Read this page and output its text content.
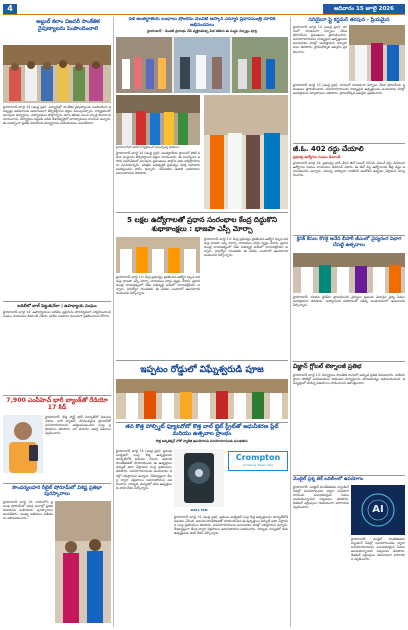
4	ఆదివారం 15 జూలై 2026
అబ్దుల్ కలాం విజనరీ సాంకేతిక నైపుణ్యాలను పెంపొందించాలి
హైదరాబాద్ జూలై 14 (ఆంధ్ర ప్రభ): విద్యార్థుల్లో సాంకేతిక నైపుణ్యాలను పెంపొందించి భవిష్యత్తు అవసరాలకు అనుగుణంగా తీర్చిదిద్దాలని వక్తలు పిలుపునిచ్చారు. కార్యక్రమంలో పలువురు విద్యార్థులు, అధ్యాపకులు పాల్గొన్నారు. కలాం జీవితం నుంచి స్ఫూర్తి పొందాలని సూచించారు. విద్యార్థులు కష్టపడి చదివి దేశాభివృద్ధిలో భాగస్వాములు కావాలని అన్నారు. ఈ సందర్భంగా ప్రతిభ కనబరిచిన విద్యార్థులకు బహుమతులు అందజేశారు.
బదిలీలో బాల్ పెట్టుకునేలా | ఉపాధ్యాయ సంఘం
హైదరాబాద్ జూలై 14: ఉపాధ్యాయుల బదిలీల ప్రక్రియను పారదర్శకంగా నిర్వహించాలని సంఘం నాయకులు డిమాండ్ చేశారు. ఖాళీల వివరాలు ముందుగా ప్రకటించాలని కోరారు.
7,900 ఎంపీహెచ్ భారీ బ్యాంక్‌తో రేడియో 17 కిడ్
హైదరాబాద్: కొత్త స్మార్ట్ ఫోన్ మార్కెట్‌లో విడుదల చేశారు. భారీ బ్యాటరీ, వేగవంతమైన ప్రాసెసర్‌తో వినియోగదారులను ఆకట్టుకుంటుందని సంస్థ ప్రతినిధులు తెలిపారు. ధర మరియు ఆఫర్ల వివరాలు వెల్లడించారు.
సౌందర్యలహరి రీటైల్ షోరూమ్‌లో విశిష్ట ప్రతిభా పురస్కారాలు
హైదరాబాద్ జూలై 14: నగరంలోని ప్రముఖ షోరూమ్‌లో వివిధ రంగాల్లో ప్రతిభ కనబరిచిన మహిళలకు పురస్కారాలు అందజేశారు. ముఖ్య అతిథులు విజేతలను అభినందించారు.
దళ అంతర్జాతీయ బంధాలు షోంలేను మొదటి ఆస్కార్ ఎమ్మార్ ప్రధానమంత్రి మోదీకి అభినందనలు
హైదరాబాద్ - మొదటి ప్రారంభం చేసే వ్యక్తిగతనిచ్చి పేరు కలిపిన ఈ సంస్థల ఏర్పాట్లు పూర్తి
హైదరాబాద్‌లో జరిగిన కార్యక్రమంలో ప్రసంగిస్తున్న అతిథులు
హైదరాబాద్ జూలై 14 (ఆంధ్ర ప్రభ): అంతర్జాతీయ స్థాయిలో పోటీ పడేలా సంస్థలను తీర్చిదిద్దాలని వక్తలు సూచించారు. ఈ సందర్భంగా జరిగిన సమావేశంలో పలువురు ప్రముఖులు పాల్గొని తమ అభిప్రాయాలను పంచుకున్నారు. పరిశ్రమ అభివృద్ధికి ప్రభుత్వం పూర్తి సహకారం అందిస్తుందని హామీ ఇచ్చారు. యువతకు ఉపాధి అవకాశాలు పెరుగుతాయని తెలిపారు.
5 లక్షల ఉద్యోగాలతో ప్రధాన సంరంభాల కేంద్ర దిద్దుకొని శుభాకాంక్షలు : భాజపా ఎస్సీ మోర్చా
హైదరాబాద్ జూలై 14: కేంద్ర ప్రభుత్వం ప్రకటించిన ఉద్యోగ కల్పన పథకంపై భాజపా ఎస్సీ మోర్చా నాయకులు హర్షం వ్యక్తం చేశారు. ప్రధానమంత్రి నాయకత్వంలో దేశం అభివృద్ధి పథంలో దూసుకెళ్తోందని అన్నారు. నిరుద్యోగ యువతకు ఈ పథకం ఎంతగానో ఉపయోగపడుతుందని పేర్కొన్నారు.
హైదరాబాద్ జూలై 14: కేంద్ర ప్రభుత్వం ప్రకటించిన ఉద్యోగ కల్పన పథకంపై భాజపా ఎస్సీ మోర్చా నాయకులు హర్షం వ్యక్తం చేశారు. ప్రధానమంత్రి నాయకత్వంలో దేశం అభివృద్ధి పథంలో దూసుకెళ్తోందని అన్నారు. నిరుద్యోగ యువతకు ఈ పథకం ఎంతగానో ఉపయోగపడుతుందని పేర్కొన్నారు.
ఇప్పటం రోడ్డులో విఘ్నేశ్వరుడి పూజ
తన కొత్త హాల్స్మిట్ ఫ్యూటరోటో కొత్త వాల్ బ్లైట్ స్ట్రీట్‌తో ఆధునీకరణ ప్లేట్ మరియు ఉత్సవాల ప్రాంభం
కొత్త ఆర్కిటెక్చర్ లోకో ప్యాకేజీ ఉపయోగించి వినియోగదారులకు సులభతరం
హైదరాబాద్ జూలై 14 (ఆంధ్ర ప్రభ): ప్రముఖ ఎలక్ట్రికల్ సంస్థ కొత్త ఉత్పత్తులను మార్కెట్‌లోకి విడుదల చేసింది. ఆధునిక సాంకేతికతతో రూపొందించిన ఈ ఉత్పత్తులు విద్యుత్ ఆదా చేస్తాయని సంస్థ ప్రతినిధులు తెలిపారు. వినియోగదారులకు అందుబాటు ధరల్లో లభిస్తాయని అన్నారు. దేశవ్యాప్తంగా డీలర్ల ద్వారా విక్రయాలు జరుగుతాయని వివరించారు. నాణ్యత, మన్నికలో తమ ఉత్పత్తులకు సాటి లేదని పేర్కొన్నారు.
WALL FAN
Crompton
Amazing. Every Day
హైదరాబాద్ జూలై 14 (ఆంధ్ర ప్రభ): ప్రముఖ ఎలక్ట్రికల్ సంస్థ కొత్త ఉత్పత్తులను మార్కెట్‌లోకి విడుదల చేసింది. ఆధునిక సాంకేతికతతో రూపొందించిన ఈ ఉత్పత్తులు విద్యుత్ ఆదా చేస్తాయని సంస్థ ప్రతినిధులు తెలిపారు. వినియోగదారులకు అందుబాటు ధరల్లో లభిస్తాయని అన్నారు. దేశవ్యాప్తంగా డీలర్ల ద్వారా విక్రయాలు జరుగుతాయని వివరించారు. నాణ్యత, మన్నికలో తమ ఉత్పత్తులకు సాటి లేదని పేర్కొన్నారు.
సరియైనా ప్లై కస్టమర్ తరపున - ప్రియమైన
హైదరాబాద్ జూలై 14 (ఆంధ్ర ప్రభ): నగరంలో నూతనంగా ఏర్పాటు చేసిన షోరూమ్‌ను ప్రముఖులు ప్రారంభించారు. వినియోగదారులకు నాణ్యమైన ఉత్పత్తులను అందుబాటు ధరల్లో అందిస్తామని నిర్వాహకులు తెలిపారు. ప్రారంభోత్సవ ఆఫర్లను ప్రకటించారు.
హైదరాబాద్ జూలై 14 (ఆంధ్ర ప్రభ): నగరంలో నూతనంగా ఏర్పాటు చేసిన షోరూమ్‌ను ప్రముఖులు ప్రారంభించారు. వినియోగదారులకు నాణ్యమైన ఉత్పత్తులను అందుబాటు ధరల్లో అందిస్తామని నిర్వాహకులు తెలిపారు. ప్రారంభోత్సవ ఆఫర్లను ప్రకటించారు.
జీ.ఓ. 402 రద్దు చేయాలి
ప్రభుత్వ ఉద్యోగుల సంఘం డిమాండ్
హైదరాబాద్ జూలై 14: ప్రభుత్వం జారీ చేసిన జీవో నంబర్ 402ను వెంటనే రద్దు చేయాలని ఉద్యోగుల సంఘం నాయకులు డిమాండ్ చేశారు. ఈ జీవో వల్ల ఉద్యోగులకు తీవ్ర నష్టం జరుగుతుందని అన్నారు. సమస్య పరిష్కారం కాకపోతే ఆందోళన ఉధృతం చేస్తామని హెచ్చరించారు.
క్లినిక్ కేసుల కొరకై అనేది బీహారీ జీఎంలో వైద్యరంగ విభాగ చేపట్టి ఉత్సవాలు
హైదరాబాద్: నూతన క్లినిక్‌ను ప్రారంభించిన వైద్యులు ప్రజలకు మెరుగైన వైద్య సేవలు అందిస్తామని తెలిపారు. అత్యాధునిక పరికరాలతో చికిత్స అందుబాటులో ఉంటుందని పేర్కొన్నారు.
విజ్ఞాన్ గ్లోబల్ టెక్నాలజీ ప్రతిభ
హైదరాబాద్ జూలై 14: విద్యార్థులు సాంకేతిక రంగంలో అద్భుత ప్రతిభ కనబరిచారు. జాతీయ స్థాయి పోటీల్లో బహుమతులు సాధించిన విద్యార్థులను యాజమాన్యం అభినందించింది. భవిష్యత్తులో మరిన్ని విజయాలు సాధించాలని ఆకాంక్షించారు.
మొబైల్ ప్రశ్న టెక్ బదిలీలలో ఉపయోగం
హైదరాబాద్: మొబైల్ సాంకేతికతను బ్యాంకింగ్ సేవల్లో వినియోగించడం ద్వారా వినియోగదారులకు సులభతరమైన సేవలు అందుతున్నాయని నిపుణులు తెలిపారు. డిజిటల్ చెల్లింపులు గణనీయంగా పెరిగాయని వెల్లడించారు.	AI
హైదరాబాద్: మొబైల్ సాంకేతికతను బ్యాంకింగ్ సేవల్లో వినియోగించడం ద్వారా వినియోగదారులకు సులభతరమైన సేవలు అందుతున్నాయని నిపుణులు తెలిపారు. డిజిటల్ చెల్లింపులు గణనీయంగా పెరిగాయని వెల్లడించారు.
